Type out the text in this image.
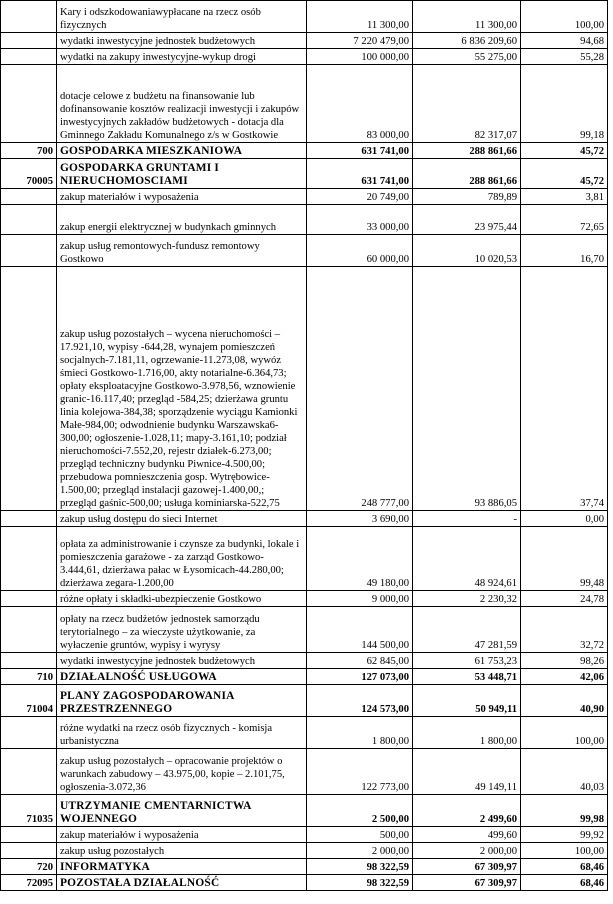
	Kary i odszkodowaniawypłacane na rzecz osób fizycznych	11 300,00	11 300,00	100,00
	wydatki inwestycyjne jednostek budżetowych	7 220 479,00	6 836 209,60	94,68
	wydatki na zakupy inwestycyjne-wykup drogi	100 000,00	55 275,00	55,28
	dotacje celowe z budżetu na finansowanie lub dofinansowanie kosztów realizacji inwestycji i zakupów inwestycyjnych zakładów budżetowych - dotacja dla Gminnego Zakładu Komunalnego z/s w Gostkowie	83 000,00	82 317,07	99,18
700	GOSPODARKA MIESZKANIOWA	631 741,00	288 861,66	45,72
70005	GOSPODARKA GRUNTAMI I NIERUCHOMOSCIAMI	631 741,00	288 861,66	45,72
	zakup materiałów i wyposażenia	20 749,00	789,89	3,81
	zakup energii elektrycznej w budynkach gminnych	33 000,00	23 975,44	72,65
	zakup usług remontowych-fundusz remontowy Gostkowo	60 000,00	10 020,53	16,70
	zakup usług pozostałych – wycena nieruchomości – 17.921,10, wypisy -644,28, wynajem pomieszczeń socjalnych-7.181,11, ogrzewanie-11.273,08, wywóz śmieci Gostkowo-1.716,00, akty notarialne-6.364,73; opłaty eksploatacyjne Gostkowo-3.978,56, wznowienie granic-16.117,40; przegląd -584,25; dzierżawa gruntu linia kolejowa-384,38; sporządzenie wyciągu Kamionki Małe-984,00; odwodnienie budynku Warszawska6-300,00; ogłoszenie-1.028,11; mapy-3.161,10; podział nieruchomości-7.552,20, rejestr działek-6.273,00; przegląd techniczny budynku Piwnice-4.500,00; przebudowa pomnieszczenia gosp. Wytrębowice-1.500,00; przegląd instalacji gazowej-1.400,00,; przegląd gaśnic-500,00; usługa kominiarska-522,75	248 777,00	93 886,05	37,74
	zakup usług dostępu do sieci Internet	3 690,00	-	0,00
	opłata za administrowanie i czynsze za budynki, lokale i pomieszczenia garażowe - za zarząd Gostkowo-3.444,61, dzierżawa pałac w Łysomicach-44.280,00; dzierżawa zegara-1.200,00	49 180,00	48 924,61	99,48
	różne opłaty i składki-ubezpieczenie Gostkowo	9 000,00	2 230,32	24,78
	opłaty na rzecz budżetów jednostek samorządu terytorialnego – za wieczyste użytkowanie, za wyłaczenie gruntów, wypisy i wyrysy	144 500,00	47 281,59	32,72
	wydatki inwestycyjne jednostek budżetowych	62 845,00	61 753,23	98,26
710	DZIAŁALNOŚĆ USŁUGOWA	127 073,00	53 448,71	42,06
71004	PLANY ZAGOSPODAROWANIA PRZESTRZENNEGO	124 573,00	50 949,11	40,90
	różne wydatki na rzecz osób fizycznych - komisja urbanistyczna	1 800,00	1 800,00	100,00
	zakup usług pozostałych – opracowanie projektów o warunkach zabudowy – 43.975,00, kopie – 2.101,75, ogłoszenia-3.072,36	122 773,00	49 149,11	40,03
71035	UTRZYMANIE CMENTARNICTWA WOJENNEGO	2 500,00	2 499,60	99,98
	zakup materiałów i wyposażenia	500,00	499,60	99,92
	zakup usług pozostałych	2 000,00	2 000,00	100,00
720	INFORMATYKA	98 322,59	67 309,97	68,46
72095	POZOSTAŁA DZIAŁALNOŚĆ	98 322,59	67 309,97	68,46
